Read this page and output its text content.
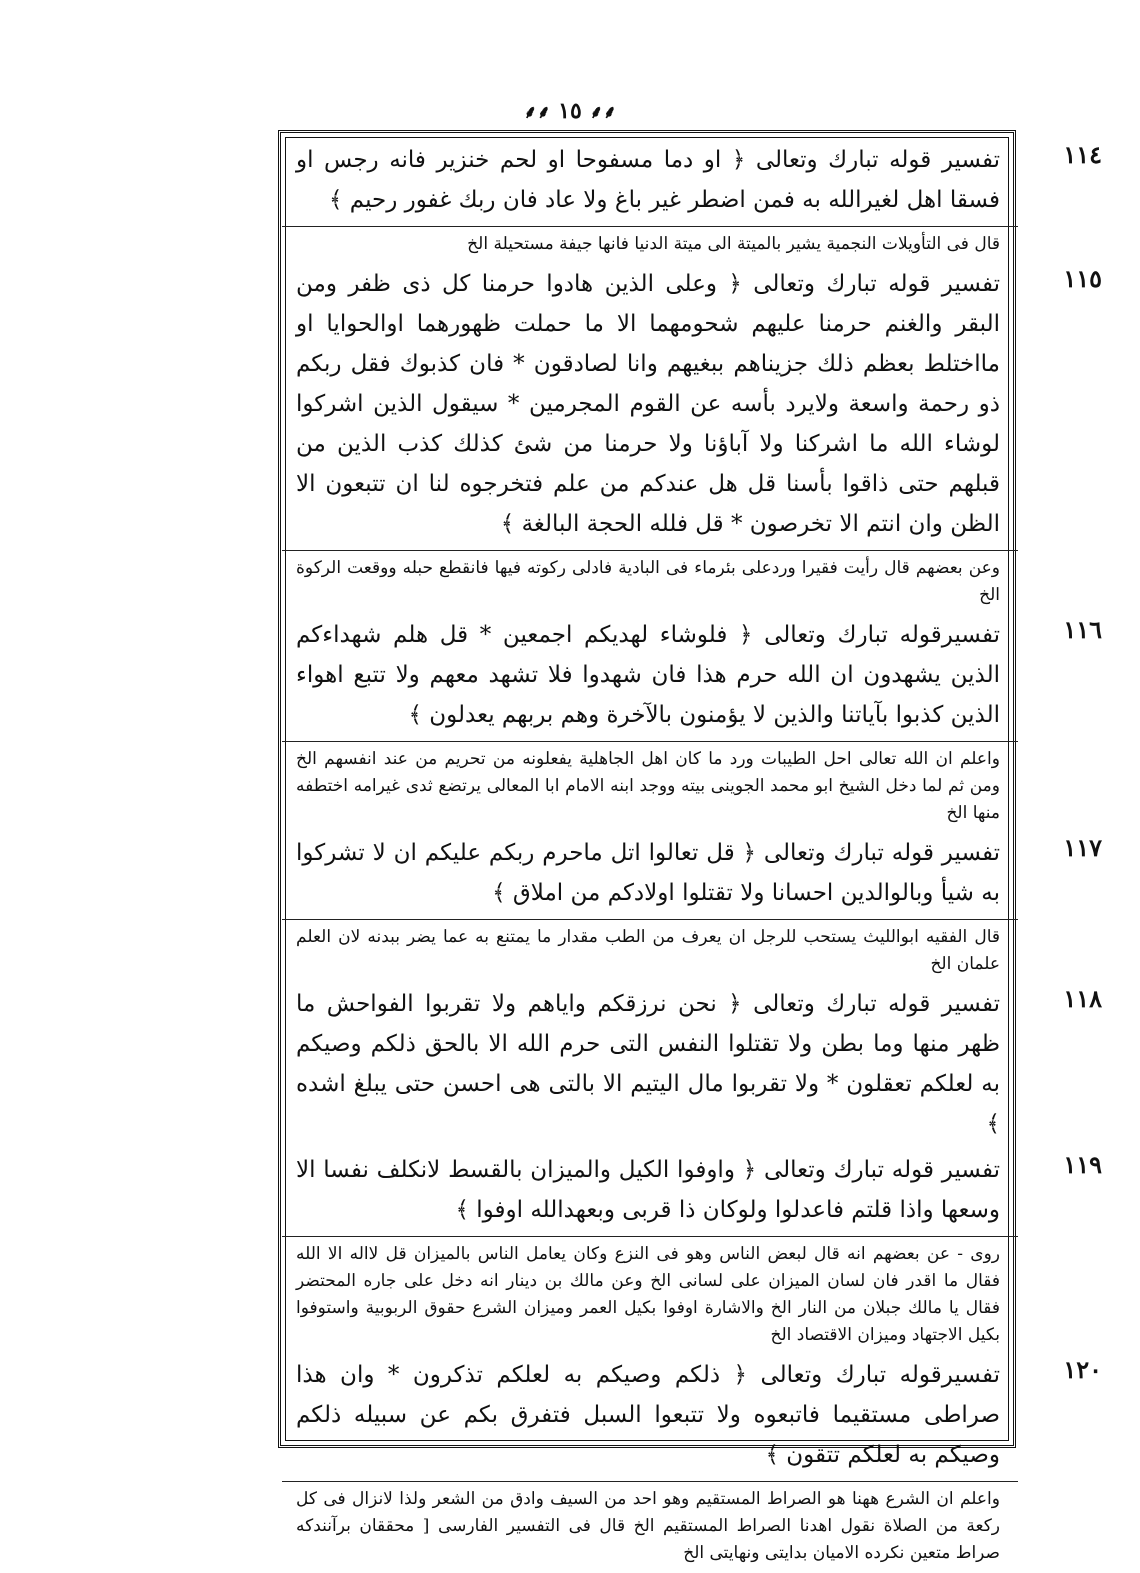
⸙⸙ ١٥ ⸙⸙
١١٤
تفسير قوله تبارك وتعالى ﴿ او دما مسفوحا او لحم خنزير فانه رجس او فسقا اهل لغيرالله به فمن اضطر غير باغ ولا عاد فان ربك غفور رحيم ﴾
قال فى التأويلات النجمية يشير بالميتة الى ميتة الدنيا فانها جيفة مستحيلة الخ
١١٥
تفسير قوله تبارك وتعالى ﴿ وعلى الذين هادوا حرمنا كل ذى ظفر ومن البقر والغنم حرمنا عليهم شحومهما الا ما حملت ظهورهما اوالحوايا او مااختلط بعظم ذلك جزيناهم ببغيهم وانا لصادقون * فان كذبوك فقل ربكم ذو رحمة واسعة ولايرد بأسه عن القوم المجرمين * سيقول الذين اشركوا لوشاء الله ما اشركنا ولا آباؤنا ولا حرمنا من شئ كذلك كذب الذين من قبلهم حتى ذاقوا بأسنا قل هل عندكم من علم فتخرجوه لنا ان تتبعون الا الظن وان انتم الا تخرصون * قل فلله الحجة البالغة ﴾
وعن بعضهم قال رأيت فقيرا وردعلى بئرماء فى البادية فادلى ركوته فيها فانقطع حبله ووقعت الركوة الخ
١١٦
تفسيرقوله تبارك وتعالى ﴿ فلوشاء لهديكم اجمعين * قل هلم شهداءكم الذين يشهدون ان الله حرم هذا فان شهدوا فلا تشهد معهم ولا تتبع اهواء الذين كذبوا بآياتنا والذين لا يؤمنون بالآخرة وهم بربهم يعدلون ﴾
واعلم ان الله تعالى احل الطيبات ورد ما كان اهل الجاهلية يفعلونه من تحريم من عند انفسهم الخ ومن ثم لما دخل الشيخ ابو محمد الجوينى بيته ووجد ابنه الامام ابا المعالى يرتضع ثدى غيرامه اختطفه منها الخ
١١٧
تفسير قوله تبارك وتعالى ﴿ قل تعالوا اتل ماحرم ربكم عليكم ان لا تشركوا به شيأ وبالوالدين احسانا ولا تقتلوا اولادكم من املاق ﴾
قال الفقيه ابوالليث يستحب للرجل ان يعرف من الطب مقدار ما يمتنع به عما يضر ببدنه لان العلم علمان الخ
١١٨
تفسير قوله تبارك وتعالى ﴿ نحن نرزقكم واياهم ولا تقربوا الفواحش ما ظهر منها وما بطن ولا تقتلوا النفس التى حرم الله الا بالحق ذلكم وصيكم به لعلكم تعقلون * ولا تقربوا مال اليتيم الا بالتى هى احسن حتى يبلغ اشده ﴾
١١٩
تفسير قوله تبارك وتعالى ﴿ واوفوا الكيل والميزان بالقسط لانكلف نفسا الا وسعها واذا قلتم فاعدلوا ولوكان ذا قربى وبعهدالله اوفوا ﴾
روى - عن بعضهم انه قال لبعض الناس وهو فى النزع وكان يعامل الناس بالميزان قل لااله الا الله فقال ما اقدر فان لسان الميزان على لسانى الخ وعن مالك بن دينار انه دخل على جاره المحتضر فقال يا مالك جبلان من النار الخ والاشارة اوفوا بكيل العمر وميزان الشرع حقوق الربوبية واستوفوا بكيل الاجتهاد وميزان الاقتصاد الخ
١٢٠
تفسيرقوله تبارك وتعالى ﴿ ذلكم وصيكم به لعلكم تذكرون * وان هذا صراطى مستقيما فاتبعوه ولا تتبعوا السبل فتفرق بكم عن سبيله ذلكم وصيكم به لعلكم تتقون ﴾
واعلم ان الشرع ههنا هو الصراط المستقيم وهو احد من السيف وادق من الشعر ولذا لانزال فى كل ركعة من الصلاة نقول اهدنا الصراط المستقيم الخ قال فى التفسير الفارسى [ محققان برآنندكه صراط متعين نكرده الاميان بدايتى ونهايتى الخ
